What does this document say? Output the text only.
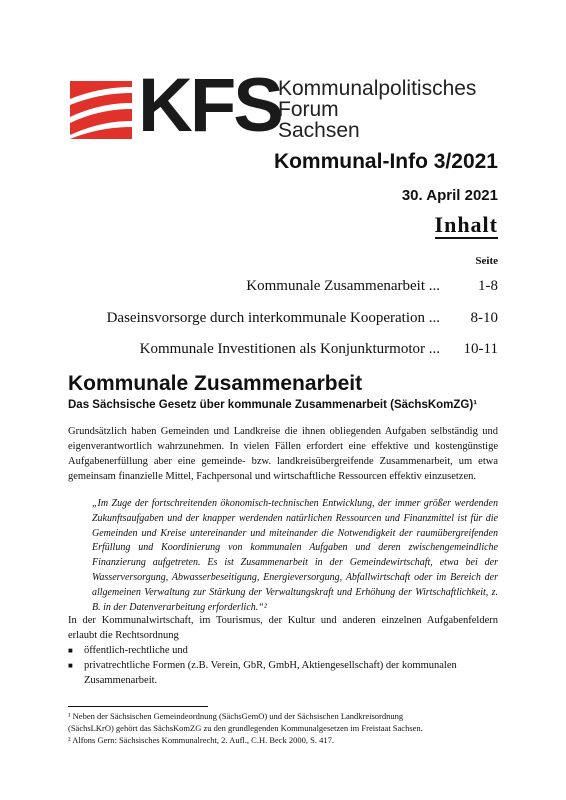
KFS
Kommunalpolitisches
Forum
Sachsen
Kommunal-Info 3/2021
30. April 2021
Inhalt
Seite
Kommunale Zusammenarbeit ...	1-8
Daseinsvorsorge durch interkommunale Kooperation ...	8-10
Kommunale Investitionen als Konjunkturmotor ...	10-11
Kommunale Zusammenarbeit
Das Sächsische Gesetz über kommunale Zusammenarbeit (SächsKomZG)¹
Grundsätzlich haben Gemeinden und Landkreise die ihnen obliegenden Aufgaben selbständig und eigenverantwortlich wahrzunehmen. In vielen Fällen erfordert eine effektive und kostengünstige Aufgabenerfüllung aber eine gemeinde- bzw. landkreisübergreifende Zusammenarbeit, um etwa gemeinsam finanzielle Mittel, Fachpersonal und wirtschaftliche Ressourcen effektiv einzusetzen.
„Im Zuge der fortschreitenden ökonomisch-technischen Entwicklung, der immer größer werdenden Zukunftsaufgaben und der knapper werdenden natürlichen Ressourcen und Finanzmittel ist für die Gemeinden und Kreise untereinander und miteinander die Notwendigkeit der raumübergreifenden Erfüllung und Koordinierung von kommunalen Aufgaben und deren zwischengemeindliche Finanzierung aufgetreten. Es ist Zusammenarbeit in der Gemeindewirtschaft, etwa bei der Wasserversorgung, Abwasserbeseitigung, Energieversorgung, Abfallwirtschaft oder im Bereich der allgemeinen Verwaltung zur Stärkung der Verwaltungskraft und Erhöhung der Wirtschaftlichkeit, z. B. in der Datenverarbeitung erforderlich.“²
In der Kommunalwirtschaft, im Tourismus, der Kultur und anderen einzelnen Aufgabenfeldern erlaubt die Rechtsordnung
■	öffentlich-rechtliche und
■	privatrechtliche Formen (z.B. Verein, GbR, GmbH, Aktiengesellschaft) der kommunalen Zusammenarbeit.
¹ Neben der Sächsischen Gemeindeordnung (SächsGemO) und der Sächsischen Landkreisordnung
(SächsLKrO) gehört das SächsKomZG zu den grundlegenden Kommunalgesetzen im Freistaat Sachsen.
² Alfons Gern: Sächsisches Kommunalrecht, 2. Aufl., C.H. Beck 2000, S. 417.
